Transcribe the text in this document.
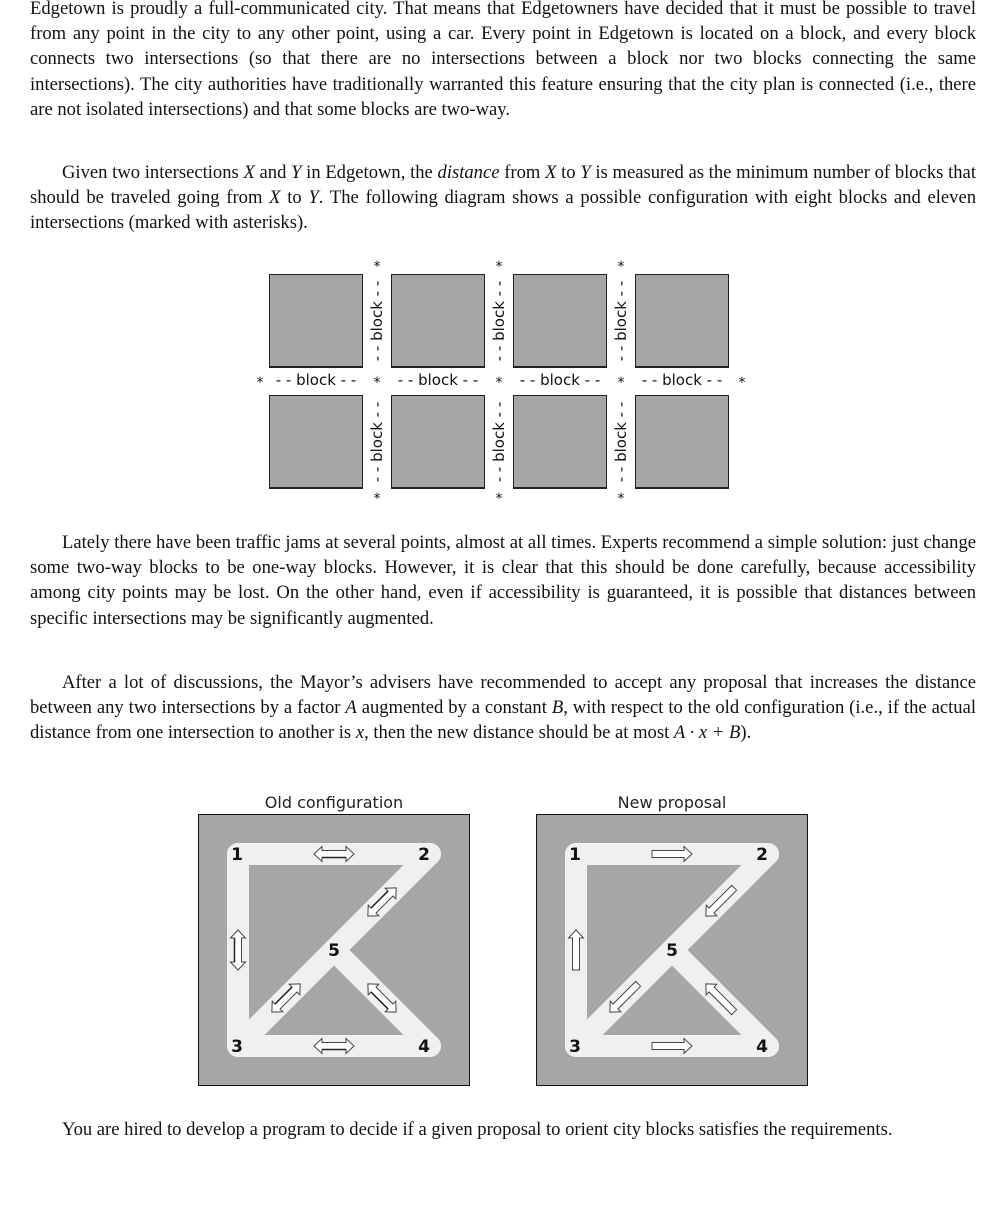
Edgetown is proudly a full-communicated city. That means that Edgetowners have decided that it must be possible to travel from any point in the city to any other point, using a car. Every point in Edgetown is located on a block, and every block connects two intersections (so that there are no intersections between a block nor two blocks connecting the same intersections). The city authorities have traditionally warranted this feature ensuring that the city plan is connected (i.e., there are not isolated intersections) and that some blocks are two-way.

Given two intersections X and Y in Edgetown, the distance from X to Y is measured as the minimum number of blocks that should be traveled going from X to Y. The following diagram shows a possible configuration with eight blocks and eleven intersections (marked with asterisks).

Lately there have been traffic jams at several points, almost at all times. Experts recommend a simple solution: just change some two-way blocks to be one-way blocks. However, it is clear that this should be done carefully, because accessibility among city points may be lost. On the other hand, even if accessibility is guaranteed, it is possible that distances between specific intersections may be significantly augmented.

After a lot of discussions, the Mayor’s advisers have recommended to accept any proposal that increases the distance between any two intersections by a factor A augmented by a constant B, with respect to the old configuration (i.e., if the actual distance from one intersection to another is x, then the new distance should be at most A · x + B).

You are hired to develop a program to decide if a given proposal to orient city blocks satisfies the requirements.

*	*	*
*	*	*	*	*
*	*	*
- - block - -	- - block - -	- - block - -	- - block - -
- - block - -
- - block - -
- - block - -
- - block - -
- - block - -
- - block - -
Old configuration
1	2
3	4
5
New proposal
1	2
3	4
5
